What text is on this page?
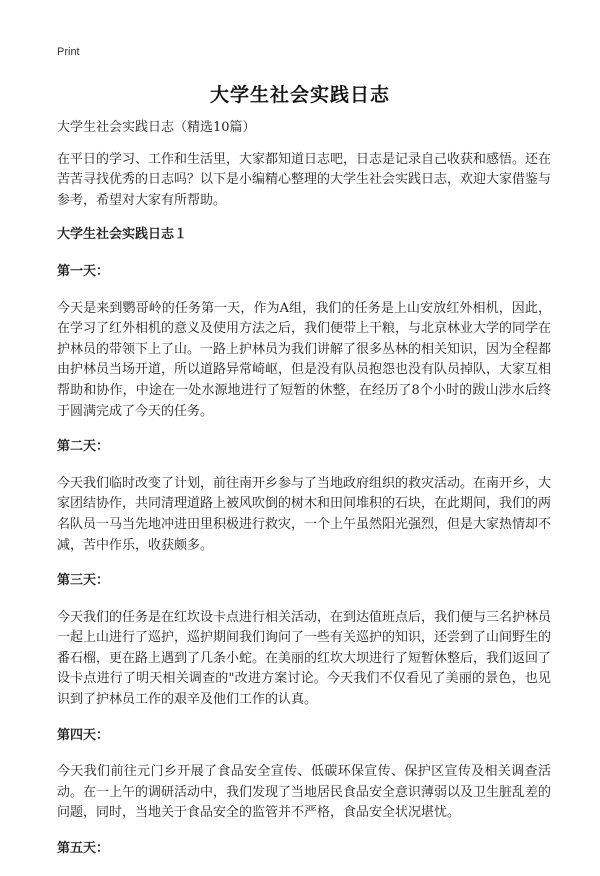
Print
大学生社会实践日志

大学生社会实践日志（精选10篇）

在平日的学习、工作和生活里，大家都知道日志吧，日志是记录自己收获和感悟。还在苦苦寻找优秀的日志吗？以下是小编精心整理的大学生社会实践日志，欢迎大家借鉴与参考，希望对大家有所帮助。

大学生社会实践日志１

第一天：

今天是来到鹦哥岭的任务第一天，作为A组，我们的任务是上山安放红外相机，因此，在学习了红外相机的意义及使用方法之后，我们便带上干粮，与北京林业大学的同学在护林员的带领下上了山。一路上护林员为我们讲解了很多丛林的相关知识，因为全程都由护林员当场开道，所以道路异常崎岖，但是没有队员抱怨也没有队员掉队，大家互相帮助和协作，中途在一处水源地进行了短暂的休整，在经历了8个小时的跋山涉水后终于圆满完成了今天的任务。

第二天：

今天我们临时改变了计划，前往南开乡参与了当地政府组织的救灾活动。在南开乡，大家团结协作，共同清理道路上被风吹倒的树木和田间堆积的石块，在此期间，我们的两名队员一马当先地冲进田里积极进行救灾，一个上午虽然阳光强烈，但是大家热情却不减，苦中作乐，收获颇多。

第三天：

今天我们的任务是在红坎设卡点进行相关活动，在到达值班点后，我们便与三名护林员一起上山进行了巡护，巡护期间我们询问了一些有关巡护的知识，还尝到了山间野生的番石榴，更在路上遇到了几条小蛇。在美丽的红坎大坝进行了短暂休整后，我们返回了设卡点进行了明天相关调查的"改进方案讨论。今天我们不仅看见了美丽的景色，也见识到了护林员工作的艰辛及他们工作的认真。

第四天：

今天我们前往元门乡开展了食品安全宣传、低碳环保宣传、保护区宣传及相关调查活动。在一上午的调研活动中，我们发现了当地居民食品安全意识薄弱以及卫生脏乱差的问题，同时，当地关于食品安全的监管并不严格，食品安全状况堪忧。

第五天：
